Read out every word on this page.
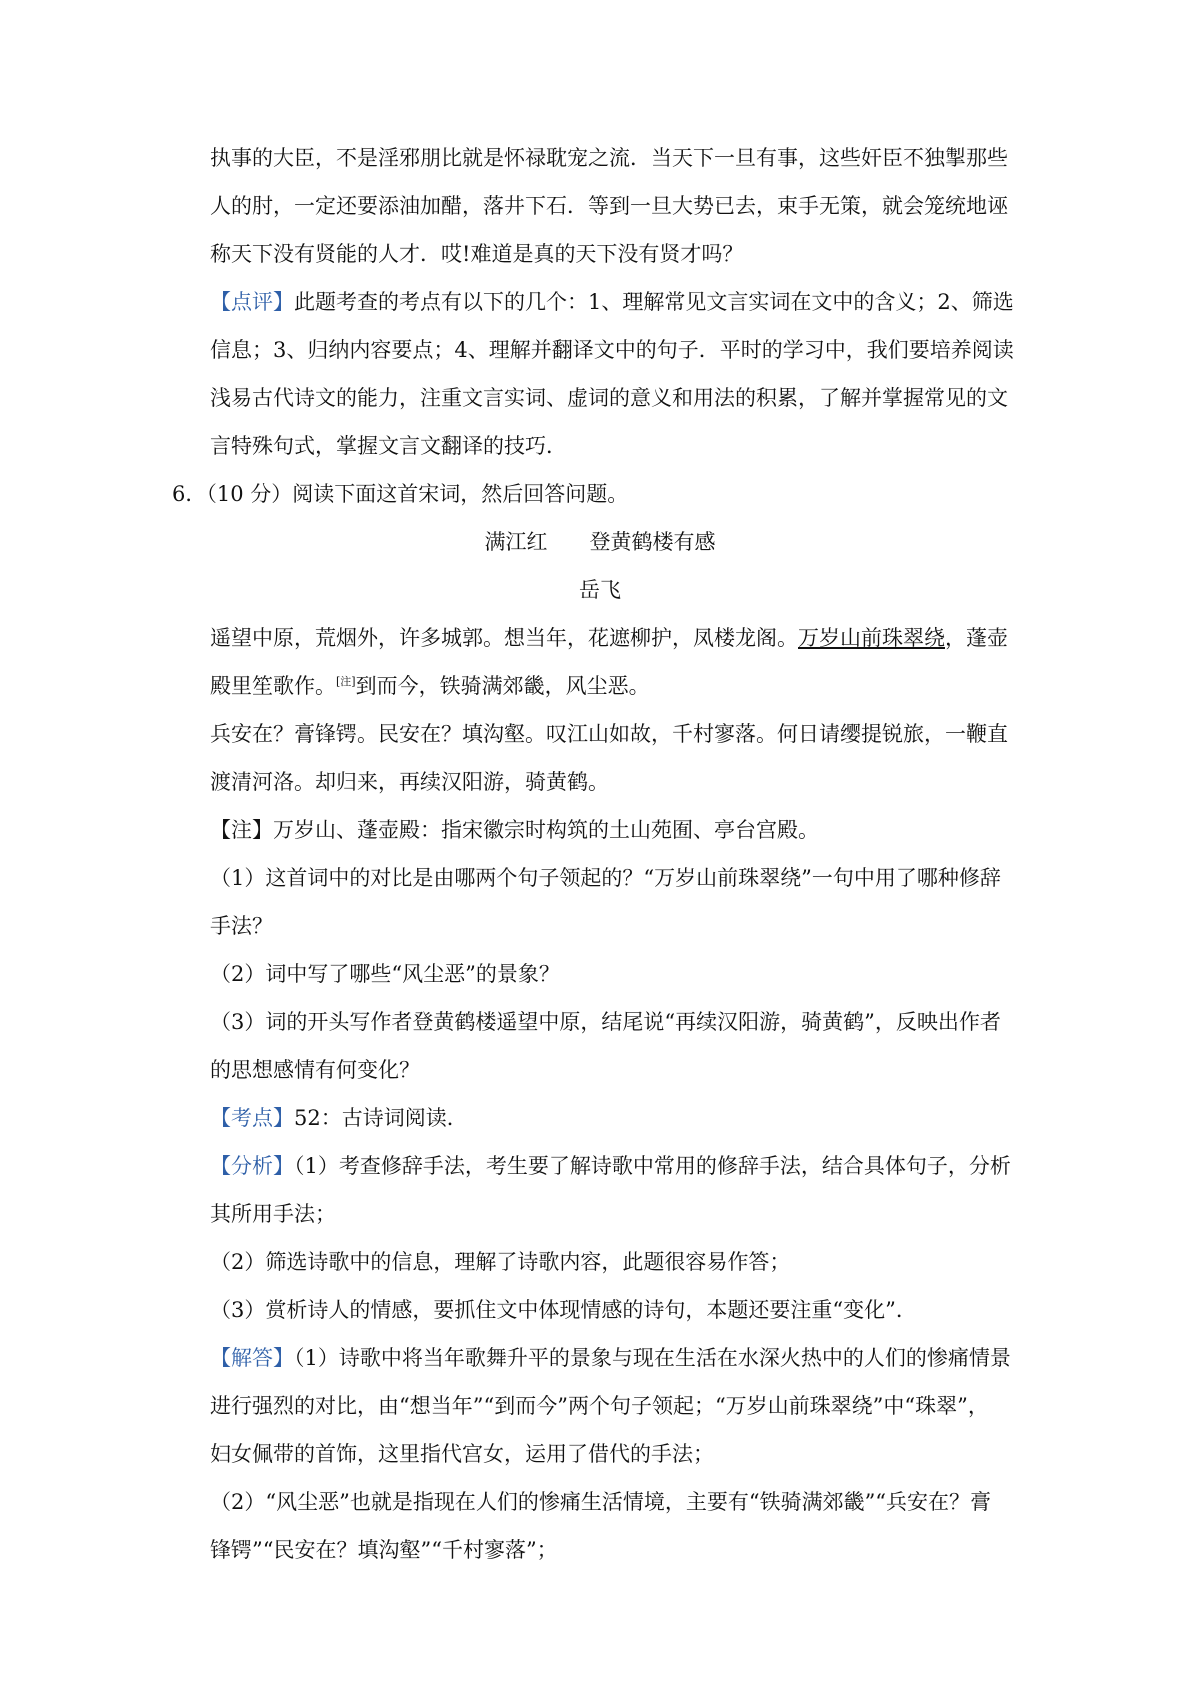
执事的大臣，不是淫邪朋比就是怀禄耽宠之流．当天下一旦有事，这些奸臣不独掣那些
人的肘，一定还要添油加醋，落井下石．等到一旦大势已去，束手无策，就会笼统地诬
称天下没有贤能的人才．哎!难道是真的天下没有贤才吗？
【点评】此题考查的考点有以下的几个：1、理解常见文言实词在文中的含义；2、筛选
信息；3、归纳内容要点；4、理解并翻译文中的句子．平时的学习中，我们要培养阅读
浅易古代诗文的能力，注重文言实词、虚词的意义和用法的积累，了解并掌握常见的文
言特殊句式，掌握文言文翻译的技巧．
6．（10 分）阅读下面这首宋词，然后回答问题。
满江红　　登黄鹤楼有感
岳飞
遥望中原，荒烟外，许多城郭。想当年，花遮柳护，凤楼龙阁。万岁山前珠翠绕，蓬壶
殿里笙歌作。[注]到而今，铁骑满郊畿，风尘恶。
兵安在？膏锋锷。民安在？填沟壑。叹江山如故，千村寥落。何日请缨提锐旅，一鞭直
渡清河洛。却归来，再续汉阳游，骑黄鹤。
【注】万岁山、蓬壶殿：指宋徽宗时构筑的土山苑囿、亭台宫殿。
（1）这首词中的对比是由哪两个句子领起的？“万岁山前珠翠绕”一句中用了哪种修辞
手法？
（2）词中写了哪些“风尘恶”的景象？
（3）词的开头写作者登黄鹤楼遥望中原，结尾说“再续汉阳游，骑黄鹤”，反映出作者
的思想感情有何变化？
【考点】52：古诗词阅读．
【分析】（1）考查修辞手法，考生要了解诗歌中常用的修辞手法，结合具体句子，分析
其所用手法；
（2）筛选诗歌中的信息，理解了诗歌内容，此题很容易作答；
（3）赏析诗人的情感，要抓住文中体现情感的诗句，本题还要注重“变化”．
【解答】（1）诗歌中将当年歌舞升平的景象与现在生活在水深火热中的人们的惨痛情景
进行强烈的对比，由“想当年”“到而今”两个句子领起；“万岁山前珠翠绕”中“珠翠”，
妇女佩带的首饰，这里指代宫女，运用了借代的手法；
（2）“风尘恶”也就是指现在人们的惨痛生活情境，主要有“铁骑满郊畿”“兵安在？膏
锋锷”“民安在？填沟壑”“千村寥落”；
